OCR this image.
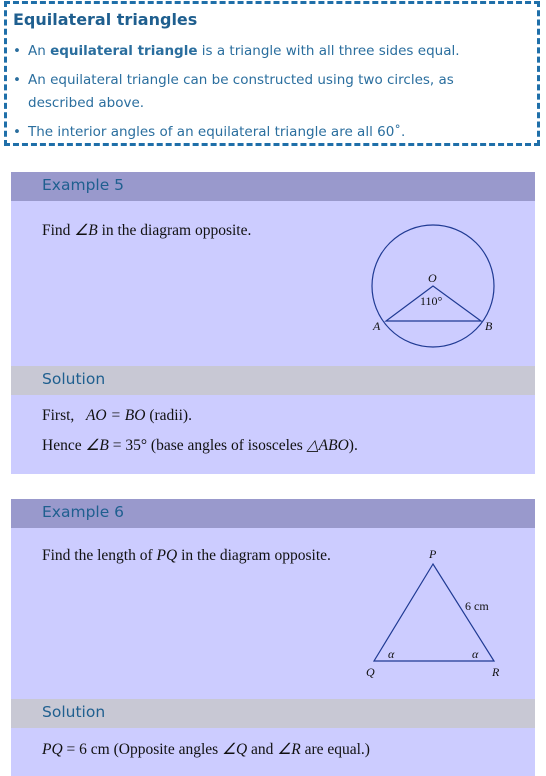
Equilateral triangles
• An equilateral triangle is a triangle with all three sides equal.
• An equilateral triangle can be constructed using two circles, as
described above.
• The interior angles of an equilateral triangle are all 60˚.
Example 5
Find ∠B in the diagram opposite.
O
110°
A	B
Solution
First, AO = BO (radii).
Hence ∠B = 35° (base angles of isosceles △ABO).
Example 6
Find the length of PQ in the diagram opposite.	P
6 cm
α	α
Q	R
Solution
PQ = 6 cm (Opposite angles ∠Q and ∠R are equal.)
